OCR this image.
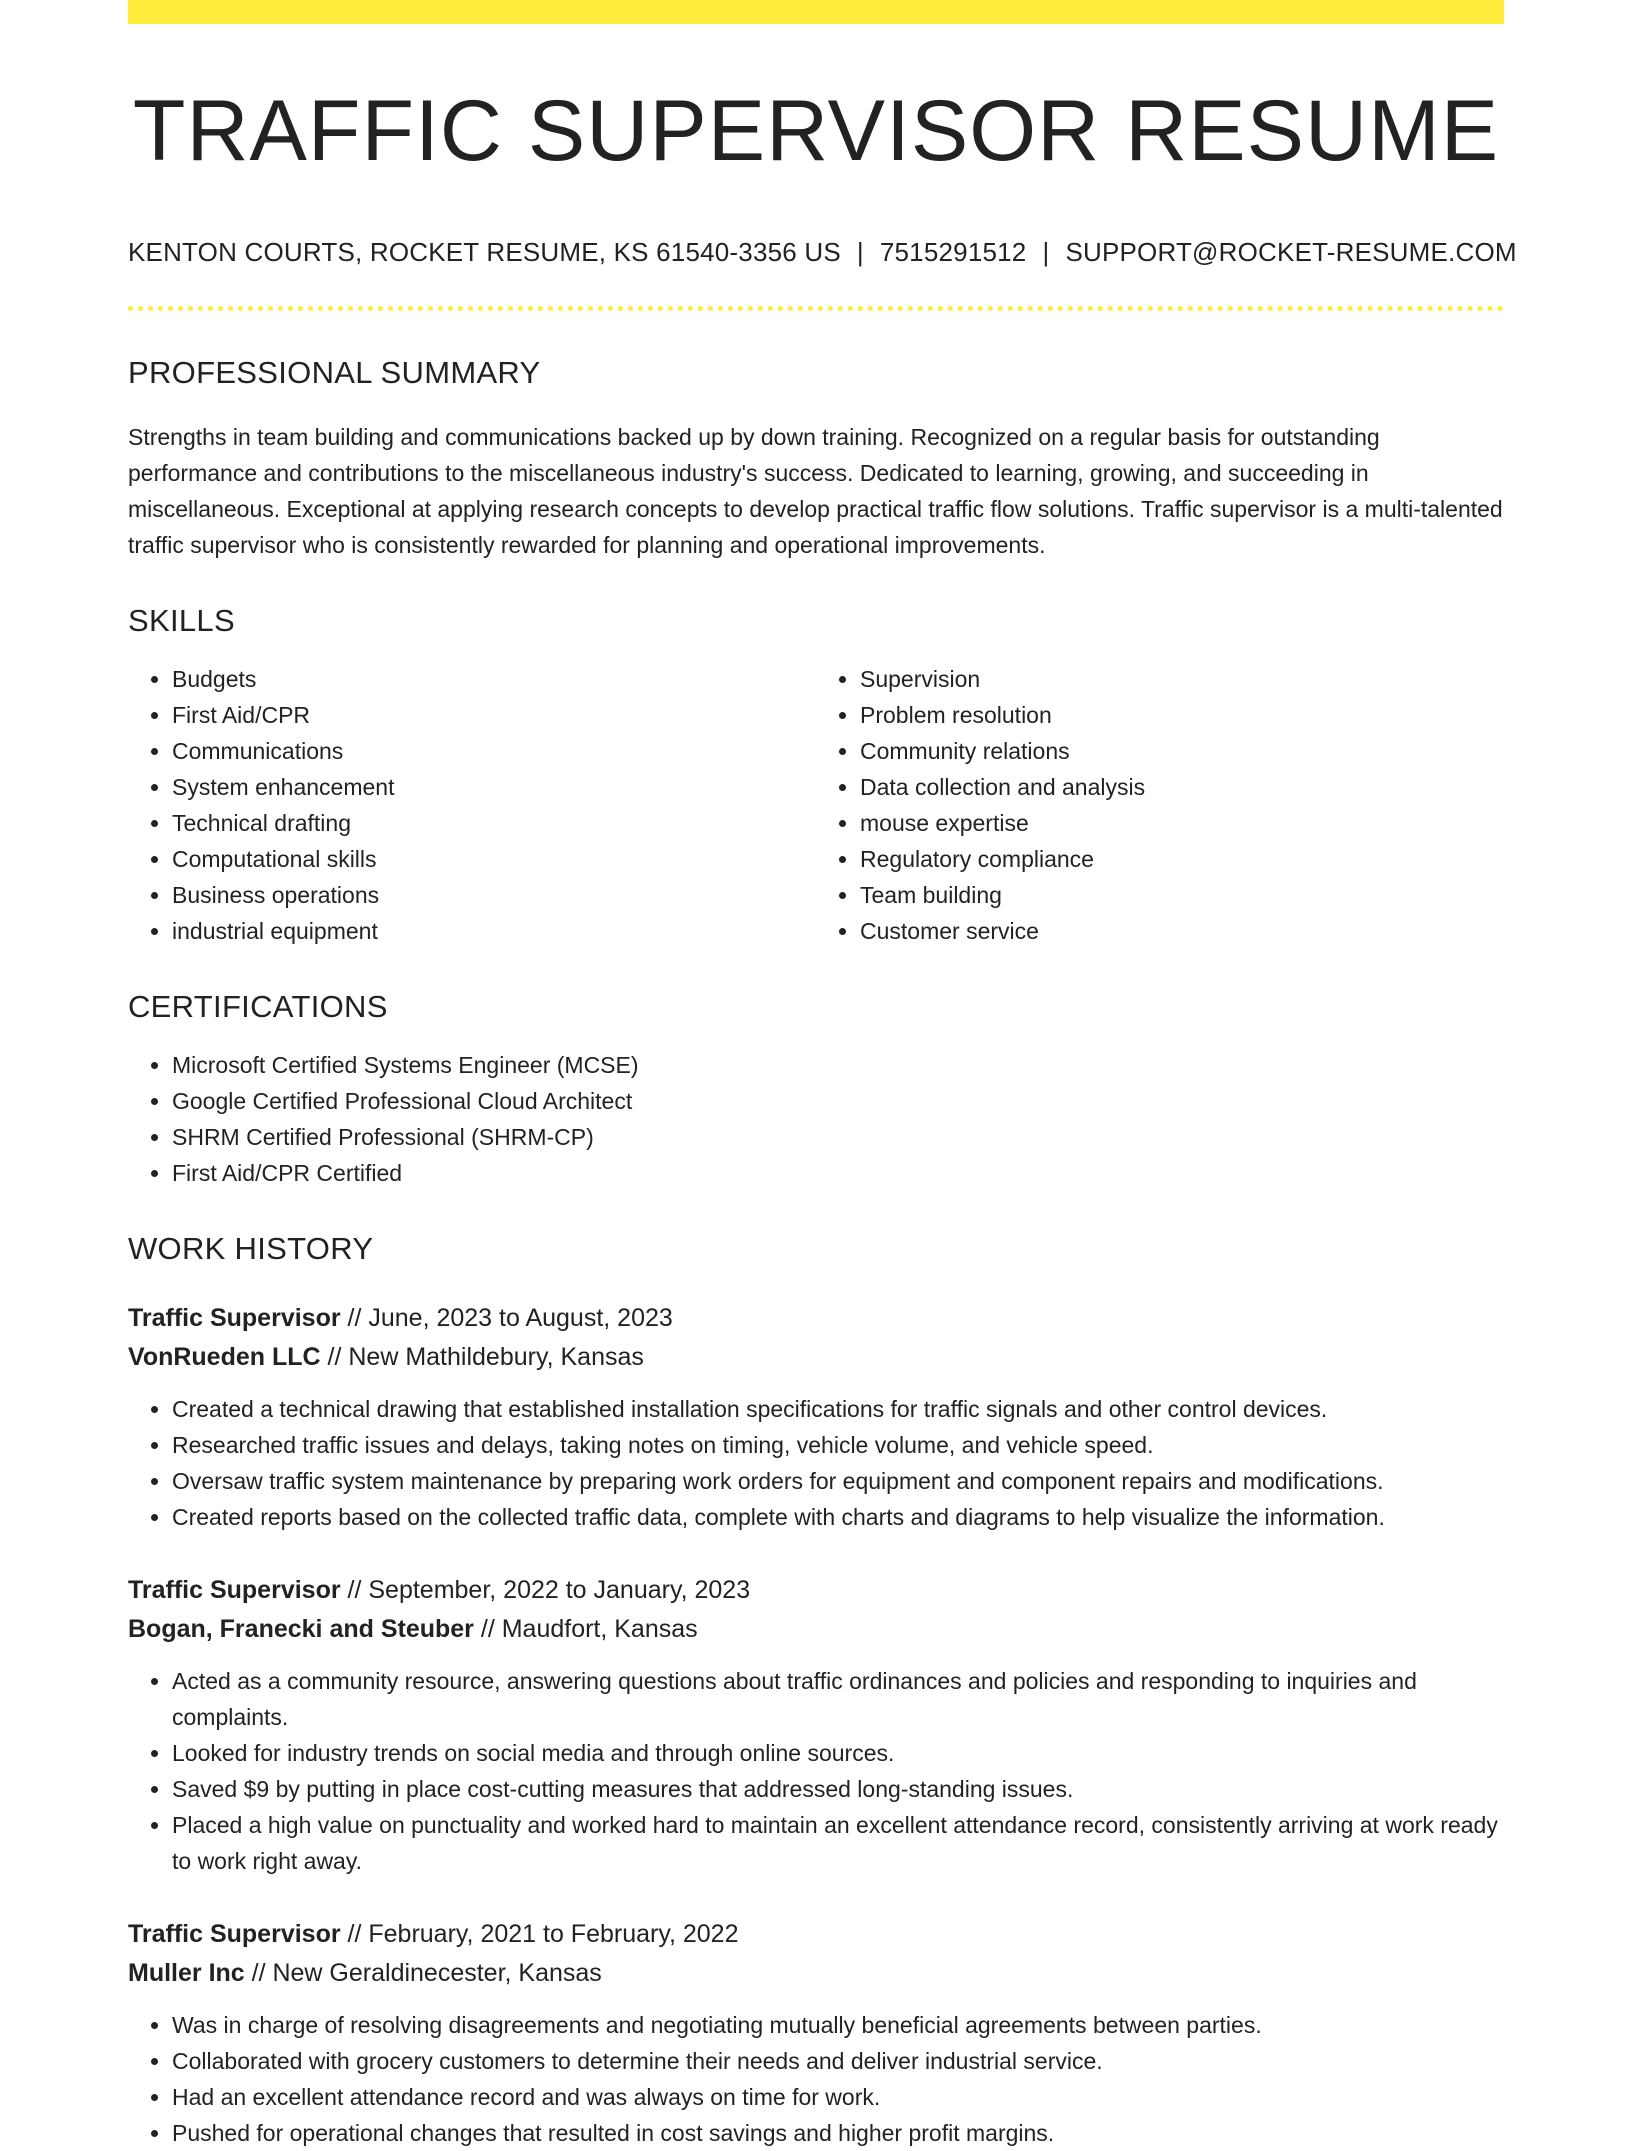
TRAFFIC SUPERVISOR RESUME
KENTON COURTS, ROCKET RESUME, KS 61540-3356 US | 7515291512 | SUPPORT@ROCKET-RESUME.COM
PROFESSIONAL SUMMARY

Strengths in team building and communications backed up by down training. Recognized on a regular basis for outstanding performance and contributions to the miscellaneous industry's success. Dedicated to learning, growing, and succeeding in miscellaneous. Exceptional at applying research concepts to develop practical traffic flow solutions. Traffic supervisor is a multi-talented traffic supervisor who is consistently rewarded for planning and operational improvements.

SKILLS
• Budgets
• First Aid/CPR
• Communications
• System enhancement
• Technical drafting
• Computational skills
• Business operations
• industrial equipment
• Supervision
• Problem resolution
• Community relations
• Data collection and analysis
• mouse expertise
• Regulatory compliance
• Team building
• Customer service
CERTIFICATIONS
• Microsoft Certified Systems Engineer (MCSE)
• Google Certified Professional Cloud Architect
• SHRM Certified Professional (SHRM-CP)
• First Aid/CPR Certified
WORK HISTORY
Traffic Supervisor // June, 2023 to August, 2023
VonRueden LLC // New Mathildebury, Kansas
• Created a technical drawing that established installation specifications for traffic signals and other control devices.
• Researched traffic issues and delays, taking notes on timing, vehicle volume, and vehicle speed.
• Oversaw traffic system maintenance by preparing work orders for equipment and component repairs and modifications.
• Created reports based on the collected traffic data, complete with charts and diagrams to help visualize the information.
Traffic Supervisor // September, 2022 to January, 2023
Bogan, Franecki and Steuber // Maudfort, Kansas
• Acted as a community resource, answering questions about traffic ordinances and policies and responding to inquiries and complaints.
• Looked for industry trends on social media and through online sources.
• Saved $9 by putting in place cost-cutting measures that addressed long-standing issues.
• Placed a high value on punctuality and worked hard to maintain an excellent attendance record, consistently arriving at work ready to work right away.
Traffic Supervisor // February, 2021 to February, 2022
Muller Inc // New Geraldinecester, Kansas
• Was in charge of resolving disagreements and negotiating mutually beneficial agreements between parties.
• Collaborated with grocery customers to determine their needs and deliver industrial service.
• Had an excellent attendance record and was always on time for work.
• Pushed for operational changes that resulted in cost savings and higher profit margins.
